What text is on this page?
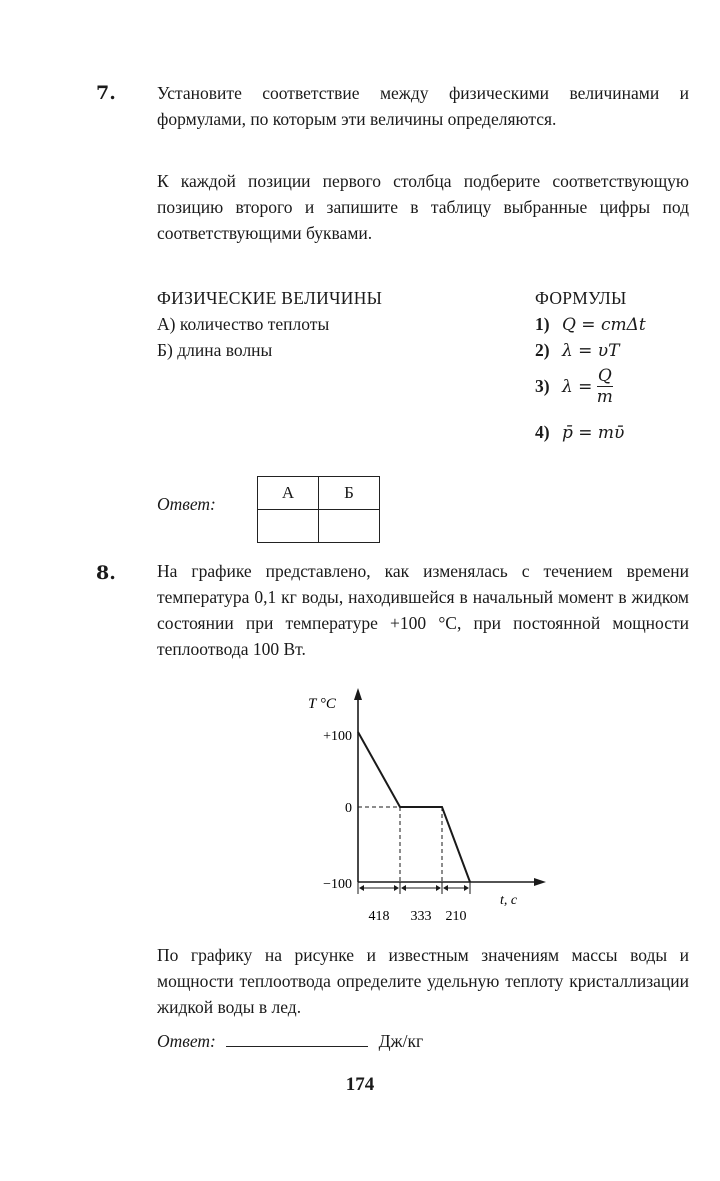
7. Установите соответствие между физическими величинами и формулами, по которым эти величины определяются.
К каждой позиции первого столбца подберите соответствующую позицию второго и запишите в таблицу выбранные цифры под соответствующими буквами.
ФИЗИЧЕСКИЕ ВЕЛИЧИНЫ	ФОРМУЛЫ
А) количество теплоты
Б) длина волны
1) Q = cmΔt
2) λ = υT
3) $\lambda = \frac{Q}{m}$
4) p̄ = mῡ
Ответ:
А	Б

8. На графике представлено, как изменялась с течением времени температура 0,1 кг воды, находившейся в начальный момент в жидком состоянии при температуре +100 °С, при постоянной мощности теплоотвода 100 Вт.
T °C
t, c
+100
0
−100
418 333 210
По графику на рисунке и известным значениям массы воды и мощности теплоотвода определите удельную теплоту кристаллизации жидкой воды в лед.
Ответ:	Дж/кг
174
